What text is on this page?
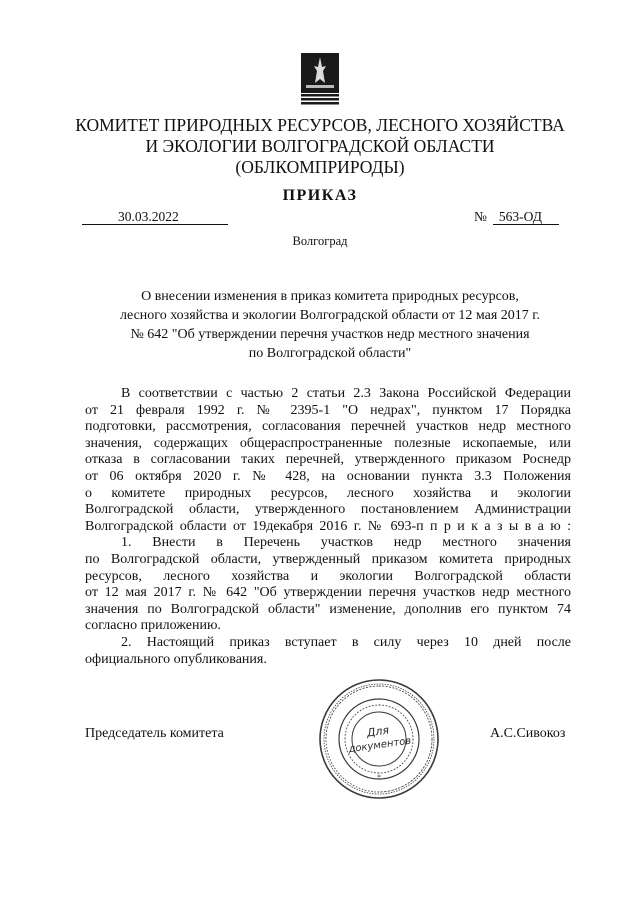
КОМИТЕТ ПРИРОДНЫХ РЕСУРСОВ, ЛЕСНОГО ХОЗЯЙСТВА
И ЭКОЛОГИИ ВОЛГОГРАДСКОЙ ОБЛАСТИ
(ОБЛКОМПРИРОДЫ)
ПРИКАЗ
30.03.2022	№ 563-ОД
Волгоград
О внесении изменения в приказ комитета природных ресурсов,
лесного хозяйства и экологии Волгоградской области от 12 мая 2017 г.
№ 642 "Об утверждении перечня участков недр местного значения
по Волгоградской области"
В соответствии с частью 2 статьи 2.3 Закона Российской Федерации
от 21 февраля 1992 г. № 2395-1 "О недрах", пунктом 17 Порядка
подготовки, рассмотрения, согласования перечней участков недр местного
значения, содержащих общераспространенные полезные ископаемые, или
отказа в согласовании таких перечней, утвержденного приказом Роснедр
от 06 октября 2020 г. № 428, на основании пункта 3.3 Положения
о комитете природных ресурсов, лесного хозяйства и экологии
Волгоградской области, утвержденного постановлением Администрации
Волгоградской области от 19декабря 2016 г. № 693-п п р и к а з ы в а ю :
1. Внести в Перечень участков недр местного значения
по Волгоградской области, утвержденный приказом комитета природных
ресурсов, лесного хозяйства и экологии Волгоградской области
от 12 мая 2017 г. № 642 "Об утверждении перечня участков недр местного
значения по Волгоградской области" изменение, дополнив его пунктом 74
согласно приложению.
2. Настоящий приказ вступает в силу через 10 дней после
официального опубликования.
Председатель комитета	А.С.Сивокоз
Для
документов
*
